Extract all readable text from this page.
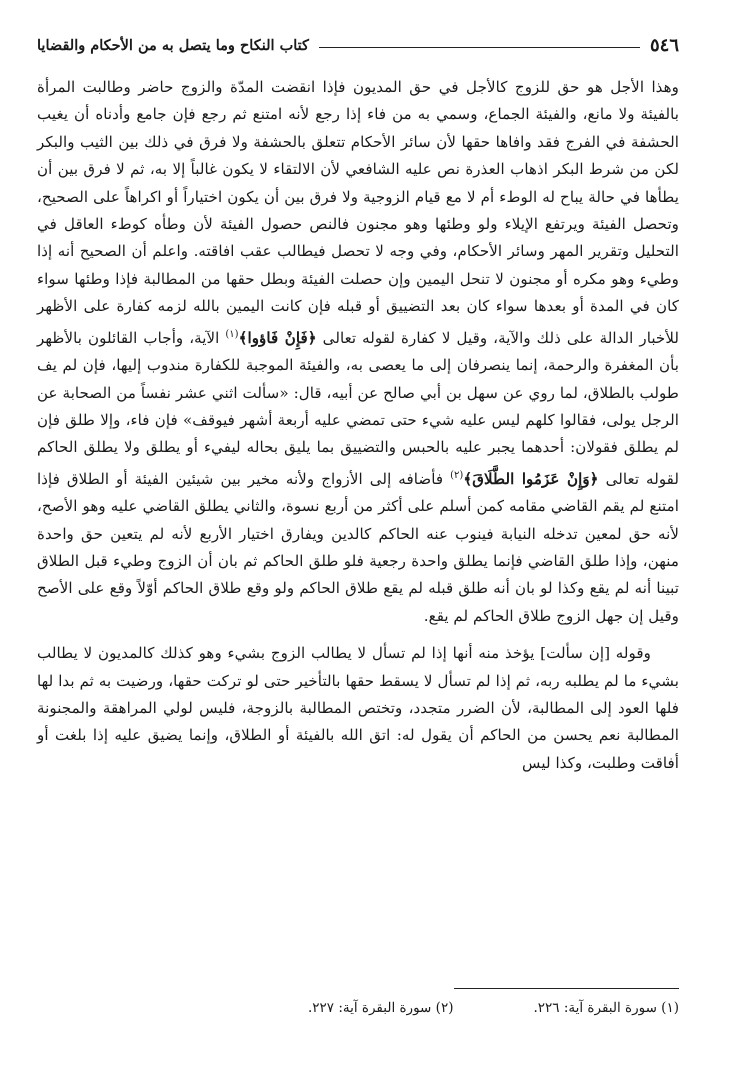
٥٤٦
كتاب النكاح وما يتصل به من الأحكام والقضايا

وهذا الأجل هو حق للزوج كالأجل في حق المديون فإذا انقضت المدّة والزوج حاضر وطالبت المرأة بالفيئة ولا مانع، والفيئة الجماع، وسمي به من فاء إذا رجع لأنه امتنع ثم رجع فإن جامع وأدناه أن يغيب الحشفة في الفرج فقد وافاها حقها لأن سائر الأحكام تتعلق بالحشفة ولا فرق في ذلك بين الثيب والبكر لكن من شرط البكر اذهاب العذرة نص عليه الشافعي لأن الالتقاء لا يكون غالباً إلا به، ثم لا فرق بين أن يطأها في حالة يباح له الوطء أم لا مع قيام الزوجية ولا فرق بين أن يكون اختياراً أو اكراهاً على الصحيح، وتحصل الفيئة ويرتفع الإيلاء ولو وطئها وهو مجنون فالنص حصول الفيئة لأن وطأه كوطء العاقل في التحليل وتقرير المهر وسائر الأحكام، وفي وجه لا تحصل فيطالب عقب افاقته. واعلم أن الصحيح أنه إذا وطيء وهو مكره أو مجنون لا تنحل اليمين وإن حصلت الفيئة وبطل حقها من المطالبة فإذا وطئها سواء كان في المدة أو بعدها سواء كان بعد التضييق أو قبله فإن كانت اليمين بالله لزمه كفارة على الأظهر للأخبار الدالة على ذلك والآية، وقيل لا كفارة لقوله تعالى ﴿فَإِنْ فَاؤوا﴾$^{(١)}$ الآية، وأجاب القائلون بالأظهر بأن المغفرة والرحمة، إنما ينصرفان إلى ما يعصى به، والفيئة الموجبة للكفارة مندوب إليها، فإن لم يف طولب بالطلاق، لما روي عن سهل بن أبي صالح عن أبيه، قال: «سألت اثني عشر نفساً من الصحابة عن الرجل يولى، فقالوا كلهم ليس عليه شيء حتى تمضي عليه أربعة أشهر فيوقف» فإن فاء، وإلا طلق فإن لم يطلق فقولان: أحدهما يجبر عليه بالحبس والتضييق بما يليق بحاله ليفيء أو يطلق ولا يطلق الحاكم لقوله تعالى ﴿وَإِنْ عَزَمُوا الطَّلَاقَ﴾$^{(٢)}$ فأضافه إلى الأزواج ولأنه مخير بين شيئين الفيئة أو الطلاق فإذا امتنع لم يقم القاضي مقامه كمن أسلم على أكثر من أربع نسوة، والثاني يطلق القاضي عليه وهو الأصح، لأنه حق لمعين تدخله النيابة فينوب عنه الحاكم كالدين ويفارق اختيار الأربع لأنه لم يتعين حق واحدة منهن، وإذا طلق القاضي فإنما يطلق واحدة رجعية فلو طلق الحاكم ثم بان أن الزوج وطيء قبل الطلاق تبينا أنه لم يقع وكذا لو بان أنه طلق قبله لم يقع طلاق الحاكم ولو وقع طلاق الحاكم أوّلاً وقع على الأصح وقيل إن جهل الزوج طلاق الحاكم لم يقع.

وقوله [إن سألت] يؤخذ منه أنها إذا لم تسأل لا يطالب الزوج بشيء وهو كذلك كالمديون لا يطالب بشيء ما لم يطلبه ربه، ثم إذا لم تسأل لا يسقط حقها بالتأخير حتى لو تركت حقها، ورضيت به ثم بدا لها فلها العود إلى المطالبة، لأن الضرر متجدد، وتختص المطالبة بالزوجة، فليس لولي المراهقة والمجنونة المطالبة نعم يحسن من الحاكم أن يقول له: اتق الله بالفيئة أو الطلاق، وإنما يضيق عليه إذا بلغت أو أفاقت وطلبت، وكذا ليس

(١) سورة البقرة آية: ٢٢٦.
(٢) سورة البقرة آية: ٢٢٧.
